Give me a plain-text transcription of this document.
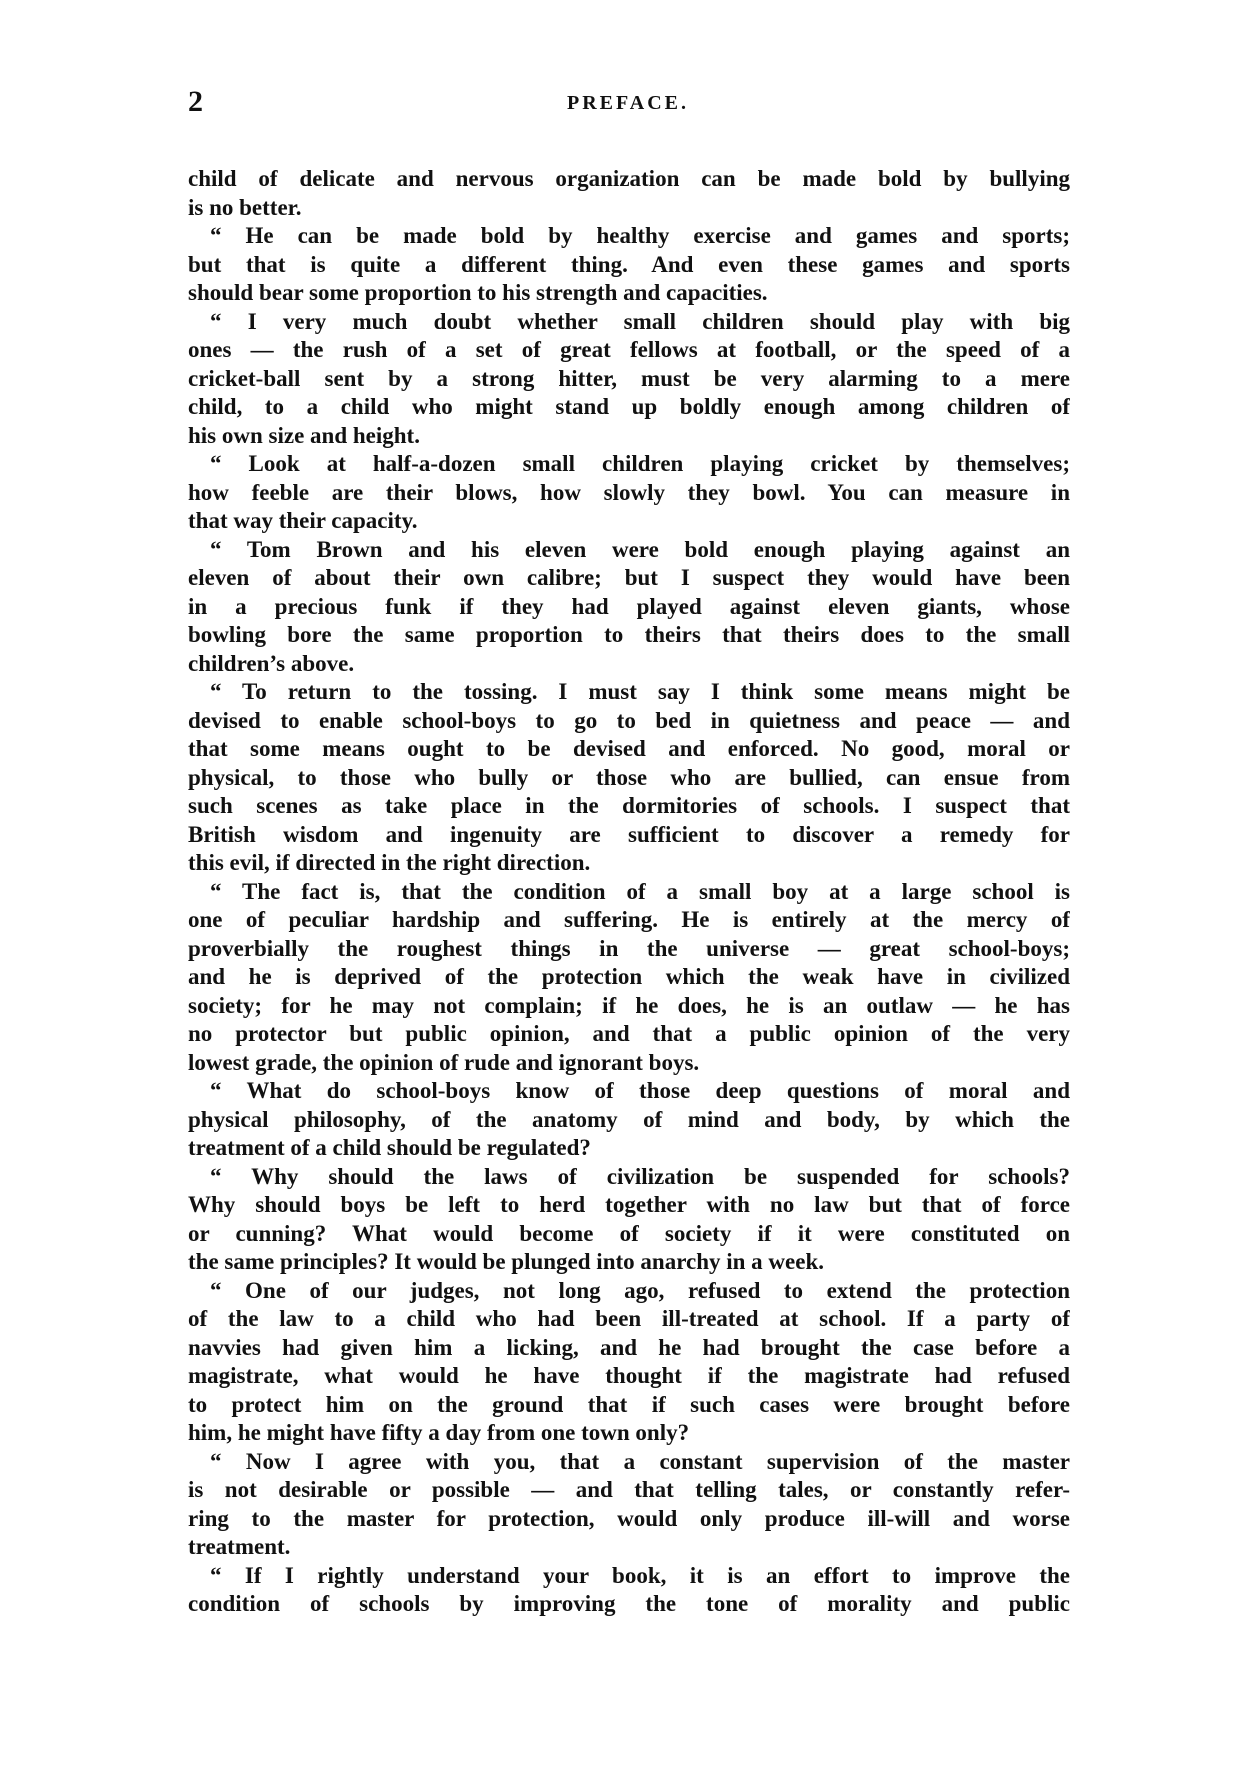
2	PREFACE.
child of delicate and nervous organization can be made bold by bullying
is no better.
“ He can be made bold by healthy exercise and games and sports;
but that is quite a different thing. And even these games and sports
should bear some proportion to his strength and capacities.
“ I very much doubt whether small children should play with big
ones — the rush of a set of great fellows at football, or the speed of a
cricket-ball sent by a strong hitter, must be very alarming to a mere
child, to a child who might stand up boldly enough among children of
his own size and height.
“ Look at half-a-dozen small children playing cricket by themselves;
how feeble are their blows, how slowly they bowl. You can measure in
that way their capacity.
“ Tom Brown and his eleven were bold enough playing against an
eleven of about their own calibre; but I suspect they would have been
in a precious funk if they had played against eleven giants, whose
bowling bore the same proportion to theirs that theirs does to the small
children’s above.
“ To return to the tossing. I must say I think some means might be
devised to enable school-boys to go to bed in quietness and peace — and
that some means ought to be devised and enforced. No good, moral or
physical, to those who bully or those who are bullied, can ensue from
such scenes as take place in the dormitories of schools. I suspect that
British wisdom and ingenuity are sufficient to discover a remedy for
this evil, if directed in the right direction.
“ The fact is, that the condition of a small boy at a large school is
one of peculiar hardship and suffering. He is entirely at the mercy of
proverbially the roughest things in the universe — great school-boys;
and he is deprived of the protection which the weak have in civilized
society; for he may not complain; if he does, he is an outlaw — he has
no protector but public opinion, and that a public opinion of the very
lowest grade, the opinion of rude and ignorant boys.
“ What do school-boys know of those deep questions of moral and
physical philosophy, of the anatomy of mind and body, by which the
treatment of a child should be regulated?
“ Why should the laws of civilization be suspended for schools?
Why should boys be left to herd together with no law but that of force
or cunning? What would become of society if it were constituted on
the same principles? It would be plunged into anarchy in a week.
“ One of our judges, not long ago, refused to extend the protection
of the law to a child who had been ill-treated at school. If a party of
navvies had given him a licking, and he had brought the case before a
magistrate, what would he have thought if the magistrate had refused
to protect him on the ground that if such cases were brought before
him, he might have fifty a day from one town only?
“ Now I agree with you, that a constant supervision of the master
is not desirable or possible — and that telling tales, or constantly refer-
ring to the master for protection, would only produce ill-will and worse
treatment.
“ If I rightly understand your book, it is an effort to improve the
condition of schools by improving the tone of morality and public
